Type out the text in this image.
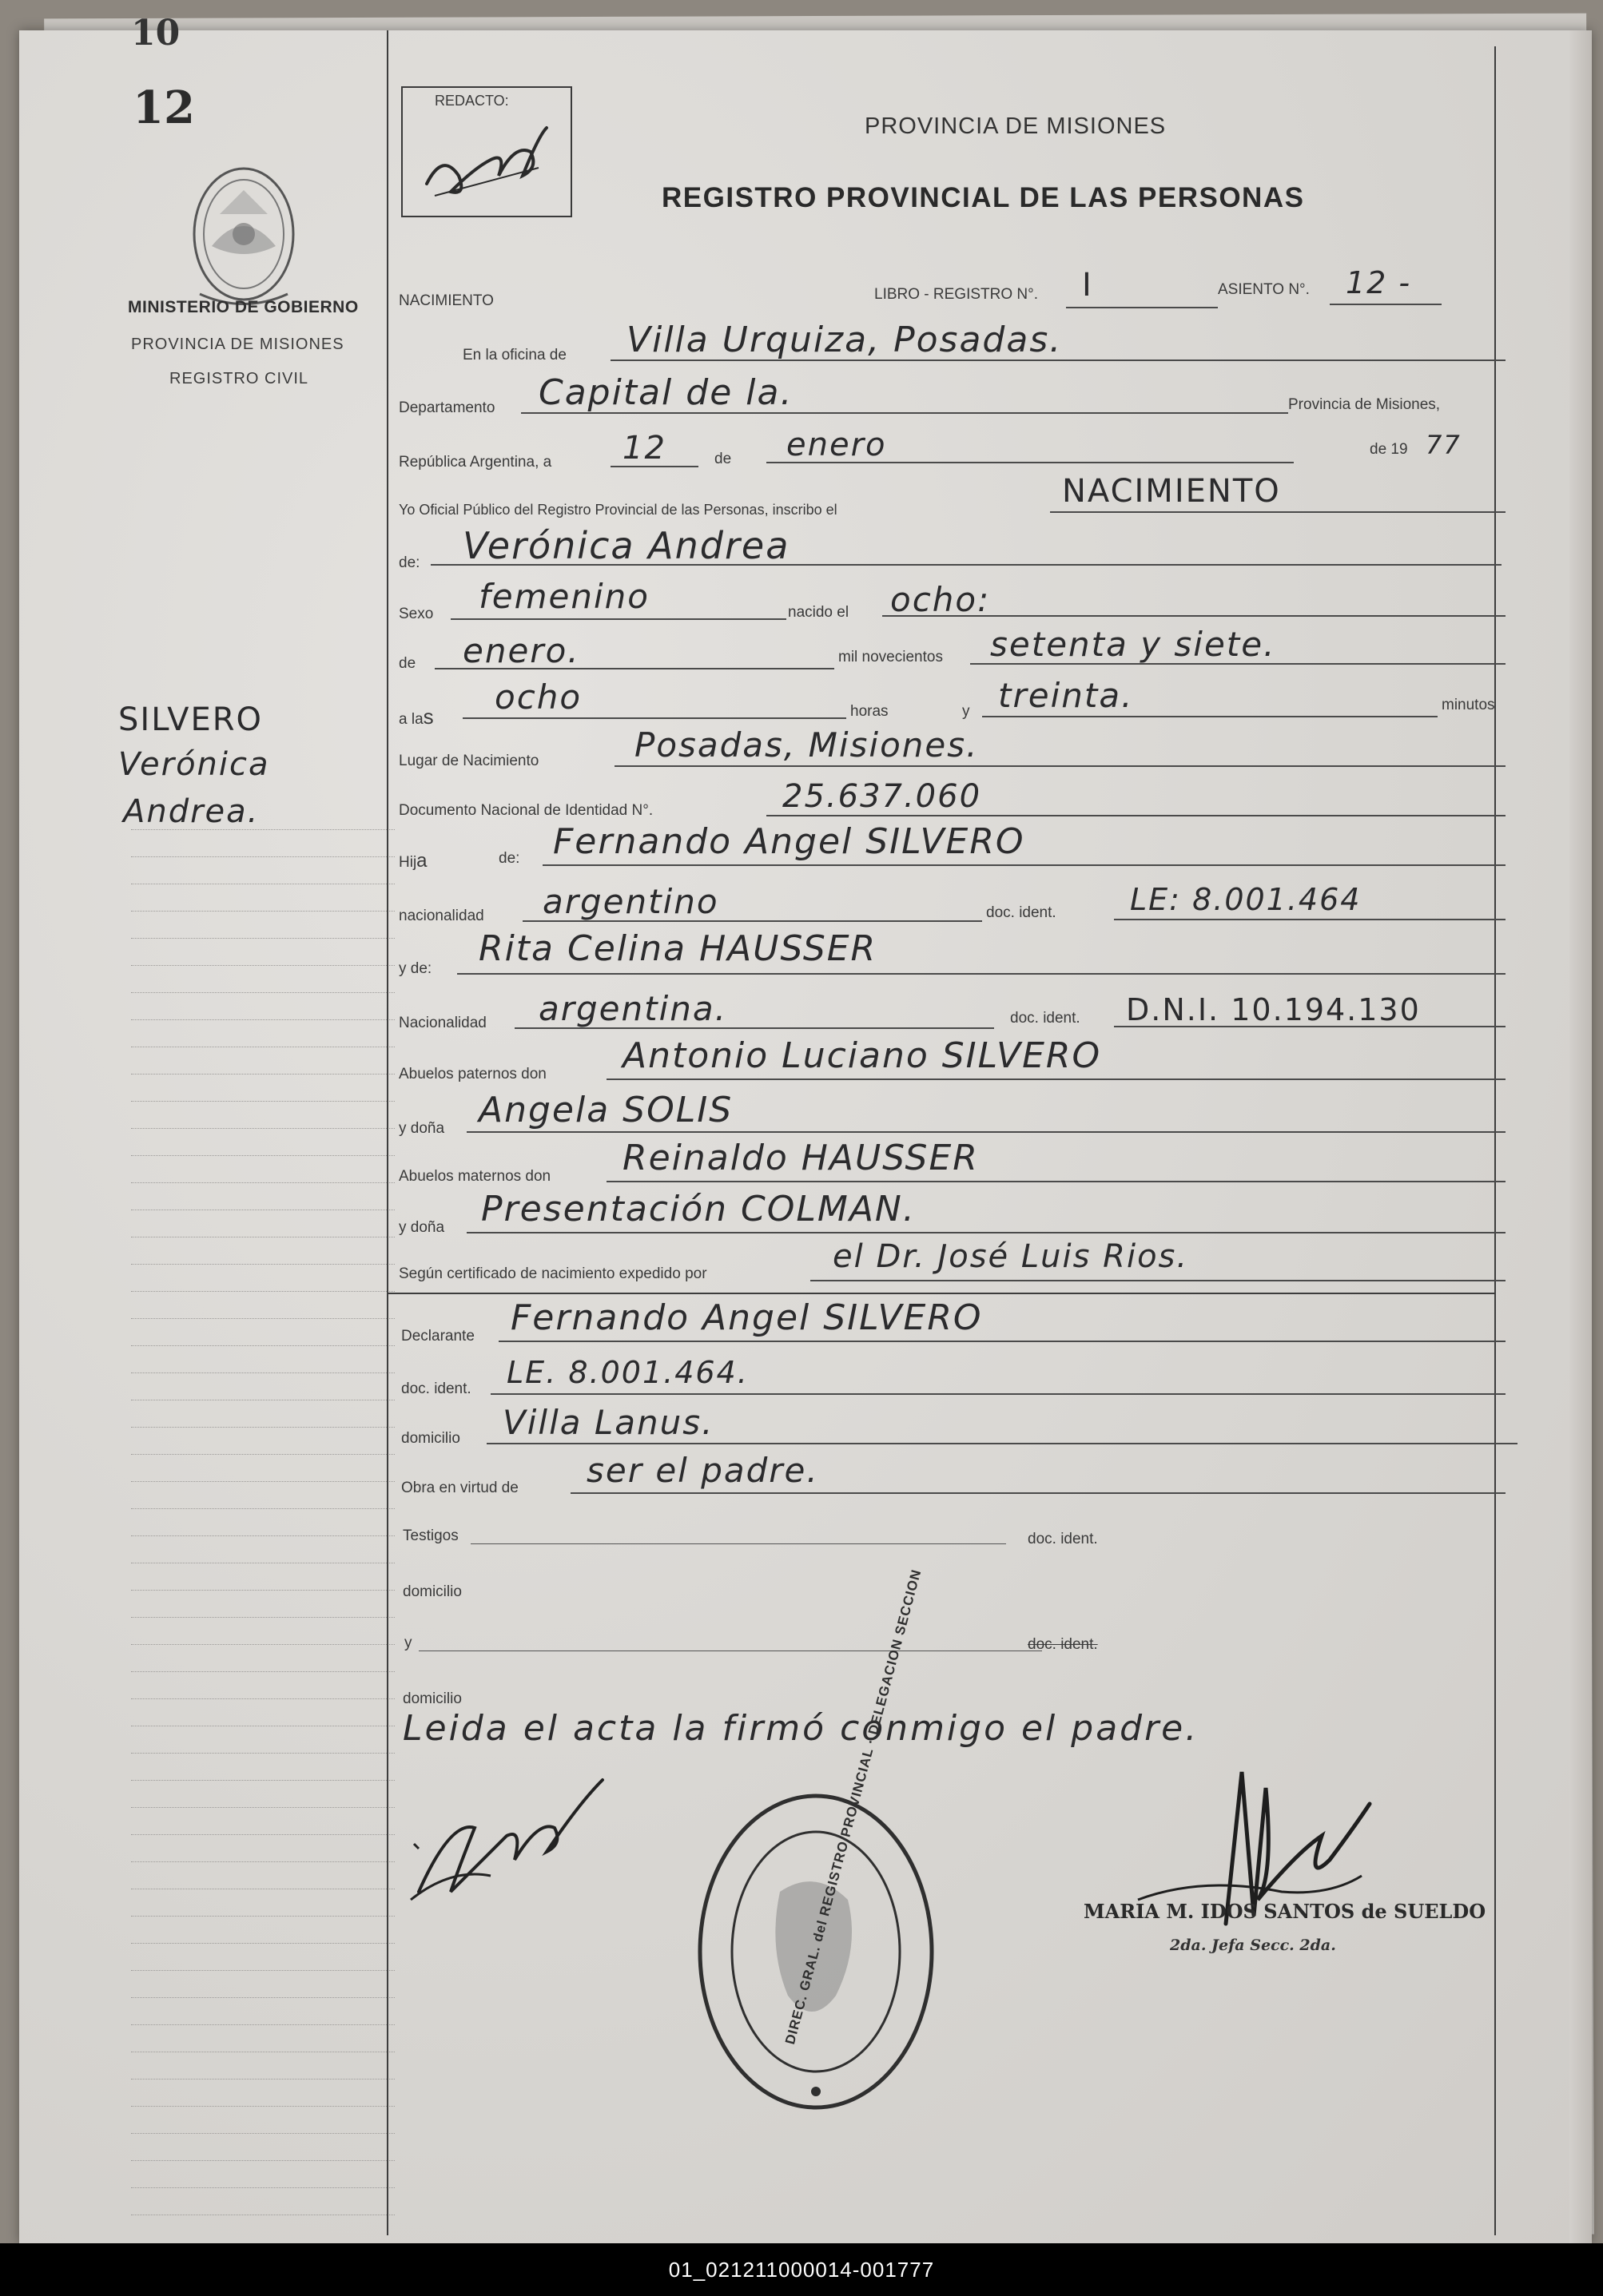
10
12
MINISTERIO DE GOBIERNO
PROVINCIA DE MISIONES
REGISTRO CIVIL
SILVERO
Verónica
Andrea.
REDACTO:
PROVINCIA DE MISIONES
REGISTRO PROVINCIAL DE LAS PERSONAS
NACIMIENTO	LIBRO - REGISTRO N°. I	ASIENTO N°. 12 -
En la oficina de Villa Urquiza, Posadas.
Departamento Capital de la.	Provincia de Misiones,
República Argentina, a 12	de enero	de 19 77
Yo Oficial Público del Registro Provincial de las Personas, inscribo el	NACIMIENTO
de: Verónica Andrea
Sexo femenino	nacido el ocho:
de enero.	mil novecientos setenta y siete.
a las ocho	horas	y treinta.	minutos
Lugar de Nacimiento	Posadas, Misiones.
Documento Nacional de Identidad N°.	25.637.060
Hija	de: Fernando Angel SILVERO
nacionalidad argentino	doc. ident. LE: 8.001.464
y de: Rita Celina HAUSSER
Nacionalidad argentina.	doc. ident. D.N.I. 10.194.130
Abuelos paternos don Antonio Luciano SILVERO
y doña Angela SOLIS
Abuelos maternos don Reinaldo HAUSSER
y doña Presentación COLMAN.
Según certificado de nacimiento expedido por	el Dr. José Luis Rios.
Declarante Fernando Angel SILVERO
doc. ident. LE. 8.001.464.
domicilio Villa Lanus.
Obra en virtud de ser el padre.
Testigos	doc. ident.
domicilio
y	doc. ident.
domicilio
Leida el acta la firmó conmigo el padre.
DIREC. GRAL. del REGISTRO PROVINCIAL · DELEGACION SECCION	MARIA M. IDOS SANTOS de SUELDO
2da. Jefa Secc. 2da.
01_021211000014-001777
